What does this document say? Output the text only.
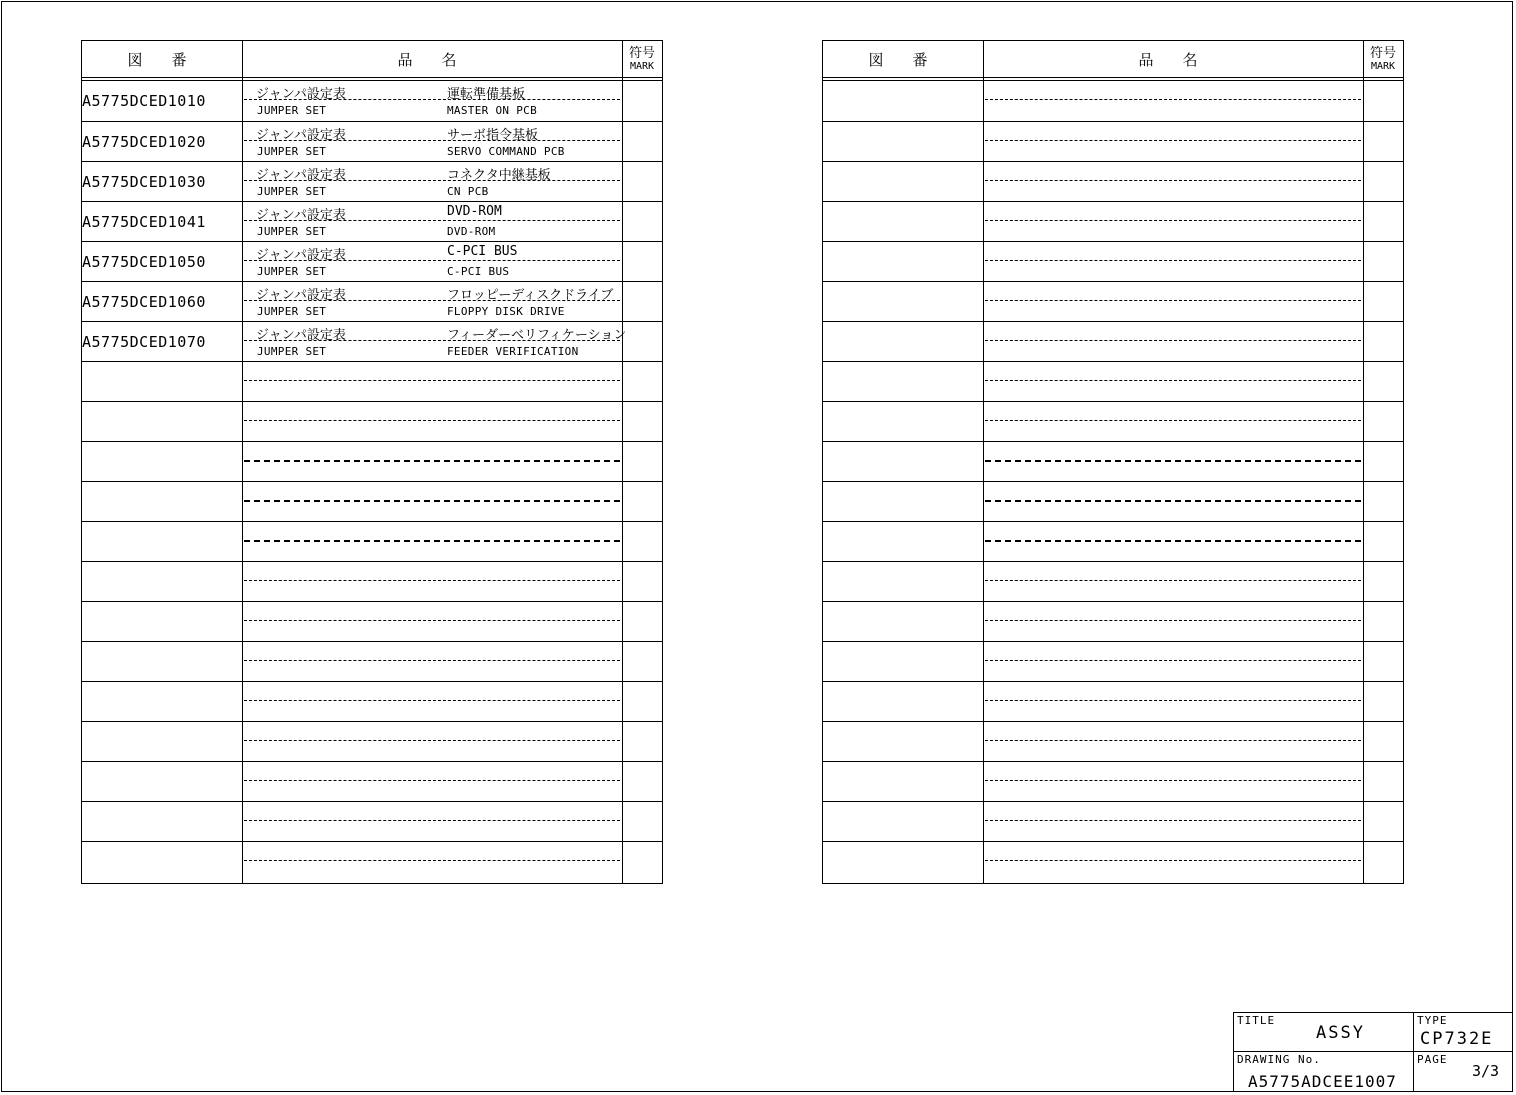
図 番	品 名	符号
MARK
A5775DCED1010	ジャンパ設定表	運転準備基板
JUMPER SET	MASTER ON PCB
A5775DCED1020	ジャンパ設定表	サーボ指令基板
JUMPER SET	SERVO COMMAND PCB
A5775DCED1030	ジャンパ設定表	コネクタ中継基板
JUMPER SET	CN PCB
A5775DCED1041	ジャンパ設定表	DVD-ROM
JUMPER SET	DVD-ROM
A5775DCED1050	ジャンパ設定表	C-PCI BUS
JUMPER SET	C-PCI BUS
A5775DCED1060	ジャンパ設定表	フロッピーディスクドライブ
JUMPER SET	FLOPPY DISK DRIVE
A5775DCED1070	ジャンパ設定表	フィーダーベリフィケーション
JUMPER SET	FEEDER VERIFICATION
図 番	品 名	符号
MARK
TITLE
ASSY
TYPE
CP732E
DRAWING No.
A5775ADCEE1007
PAGE
3/3
